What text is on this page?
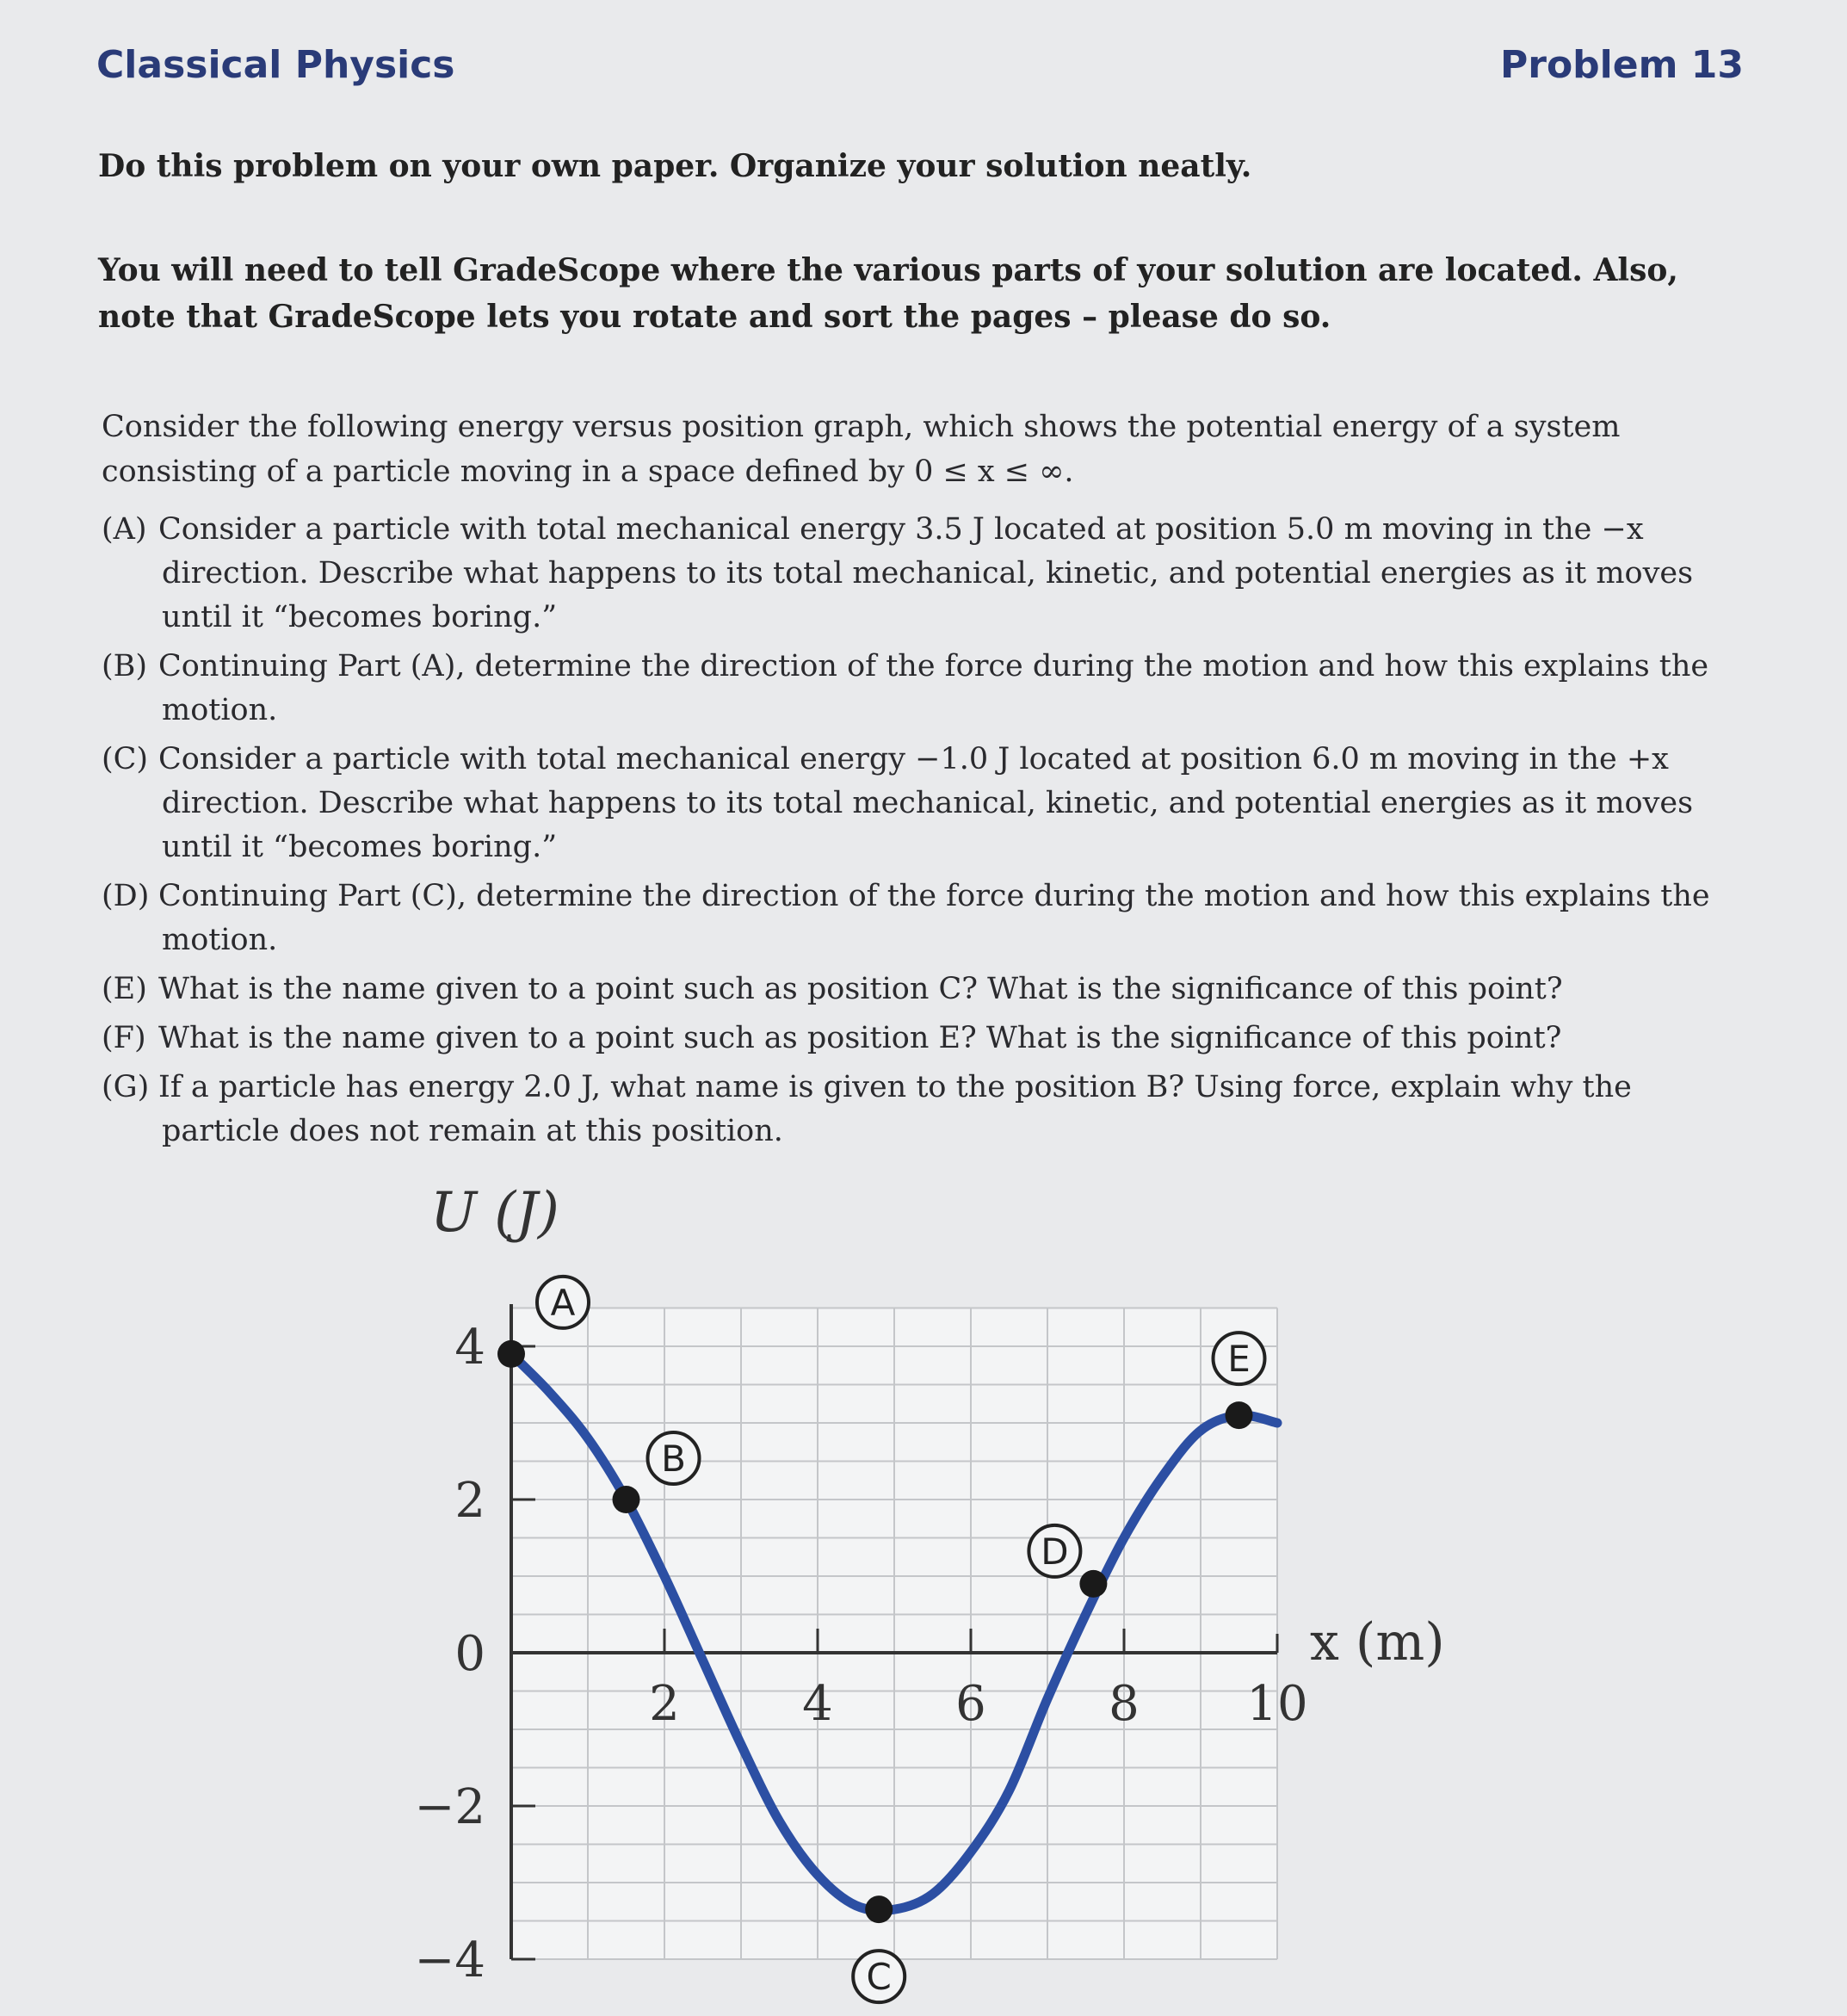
Classical Physics	Problem 13
Do this problem on your own paper. Organize your solution neatly.
You will need to tell GradeScope where the various parts of your solution are located. Also, note that GradeScope lets you rotate and sort the pages – please do so.
Consider the following energy versus position graph, which shows the potential energy of a system consisting of a particle moving in a space defined by 0 ≤ x ≤ ∞.
(A) Consider a particle with total mechanical energy 3.5 J located at position 5.0 m moving in the −x direction. Describe what happens to its total mechanical, kinetic, and potential energies as it moves until it “becomes boring.”
(B) Continuing Part (A), determine the direction of the force during the motion and how this explains the motion.
(C) Consider a particle with total mechanical energy −1.0 J located at position 6.0 m moving in the +x direction. Describe what happens to its total mechanical, kinetic, and potential energies as it moves until it “becomes boring.”
(D) Continuing Part (C), determine the direction of the force during the motion and how this explains the motion.
(E) What is the name given to a point such as position C? What is the significance of this point?
(F) What is the name given to a point such as position E? What is the significance of this point?
(G) If a particle has energy 2.0 J, what name is given to the position B? Using force, explain why the particle does not remain at this position.
2	4	6	8 10
4
2
0
−2
−4
U (J)
x (m)
A
B
C
D
E
